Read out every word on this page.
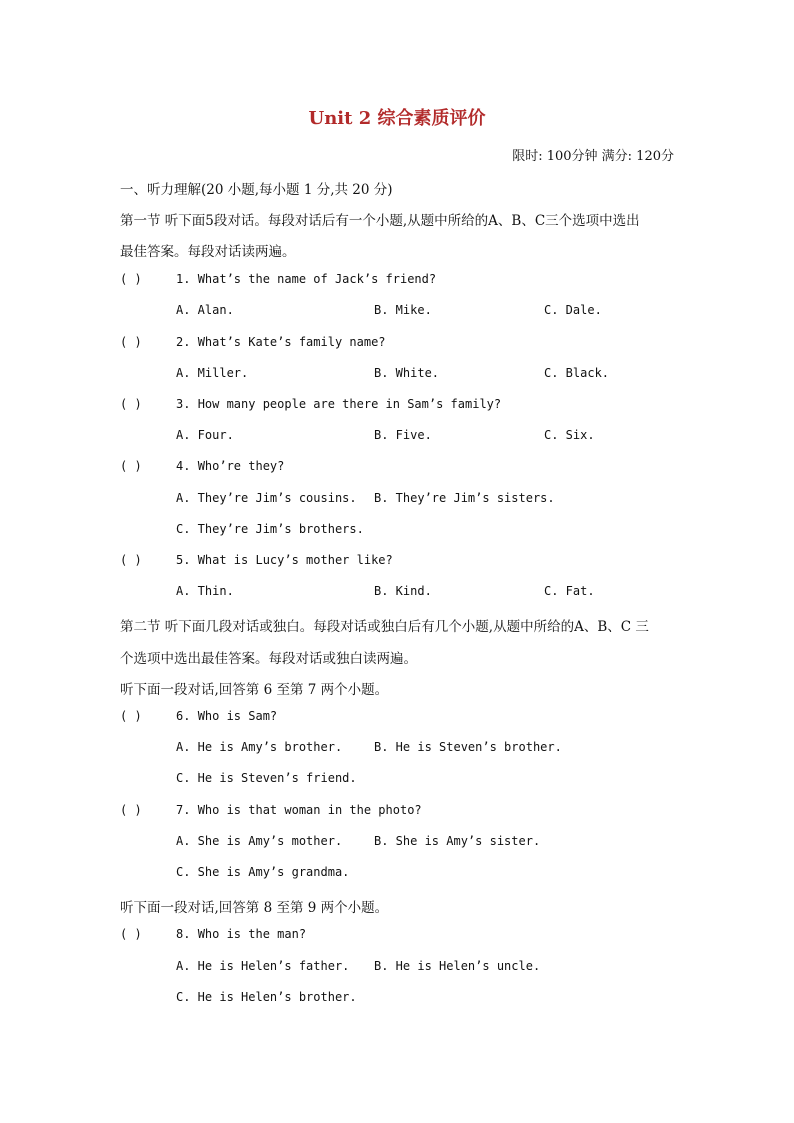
Unit 2 综合素质评价
限时: 100分钟 满分: 120分
一、听力理解(20 小题,每小题 1 分,共 20 分)
第一节 听下面5段对话。每段对话后有一个小题,从题中所给的A、B、C三个选项中选出
最佳答案。每段对话读两遍。
( )	1. What’s the name of Jack’s friend?
A. Alan.	B. Mike.	C. Dale.
( )	2. What’s Kate’s family name?
A. Miller.	B. White.	C. Black.
( )	3. How many people are there in Sam’s family?
A. Four.	B. Five.	C. Six.
( )	4. Who’re they?
A. They’re Jim’s cousins. B. They’re Jim’s sisters.
C. They’re Jim’s brothers.
( )	5. What is Lucy’s mother like?
A. Thin.	B. Kind.	C. Fat.
第二节 听下面几段对话或独白。每段对话或独白后有几个小题,从题中所给的A、B、C 三
个选项中选出最佳答案。每段对话或独白读两遍。
听下面一段对话,回答第 6 至第 7 两个小题。
( )	6. Who is Sam?
A. He is Amy’s brother.	B. He is Steven’s brother.
C. He is Steven’s friend.
( )	7. Who is that woman in the photo?
A. She is Amy’s mother.	B. She is Amy’s sister.
C. She is Amy’s grandma.
听下面一段对话,回答第 8 至第 9 两个小题。
( )	8. Who is the man?
A. He is Helen’s father. B. He is Helen’s uncle.
C. He is Helen’s brother.
